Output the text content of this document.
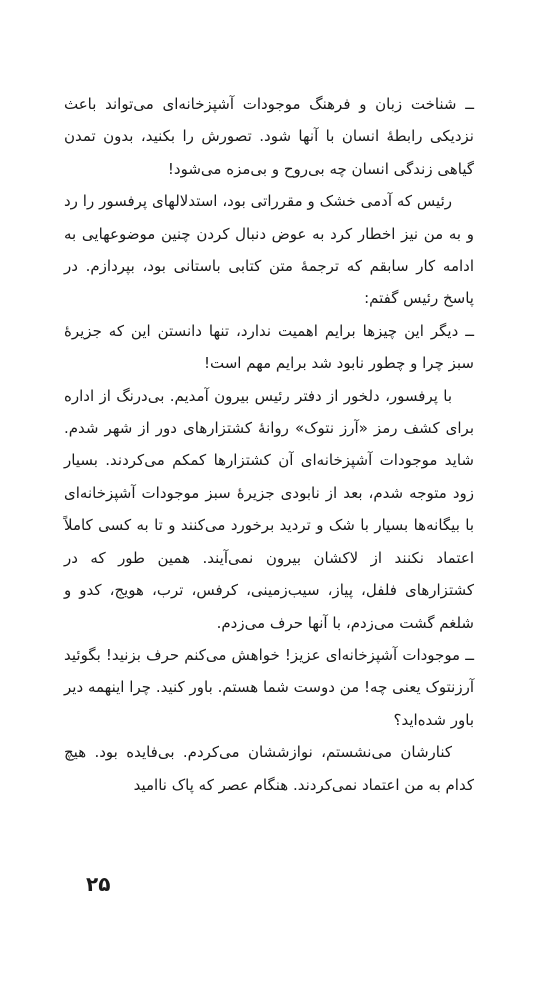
ــ شناخت زبان و فرهنگ موجودات آشپزخانه‌ای می‌تواند باعث نزدیکی رابطهٔ انسان با آنها شود. تصورش را بکنید، بدون تمدن گیاهی زندگی انسان چه بی‌روح و بی‌مزه می‌شود!

رئیس که آدمی خشک و مقرراتی بود، استدلالهای پرفسور را رد و به من نیز اخطار کرد به عوض دنبال کردن چنین موضوعهایی به ادامه کار سابقم که ترجمهٔ متن کتابی باستانی بود، بپردازم. در پاسخ رئیس گفتم:

ــ دیگر این چیزها برایم اهمیت ندارد، تنها دانستن این که جزیرهٔ سبز چرا و چطور نابود شد برایم مهم است!

با پرفسور، دلخور از دفتر رئیس بیرون آمدیم. بی‌درنگ از اداره برای کشف رمز «آرز نتوک» روانهٔ کشتزارهای دور از شهر شدم. شاید موجودات آشپزخانه‌ای آن کشتزارها کمکم می‌کردند. بسیار زود متوجه شدم، بعد از نابودی جزیرهٔ سبز موجودات آشپزخانه‌ای با بیگانه‌ها بسیار با شک و تردید برخورد می‌کنند و تا به کسی کاملاً اعتماد نکنند از لاکشان بیرون نمی‌آیند. همین طور که در کشتزارهای فلفل، پیاز، سیب‌زمینی، کرفس، ترب، هویج، کدو و شلغم گشت می‌زدم، با آنها حرف می‌زدم.

ــ موجودات آشپزخانه‌ای عزیز! خواهش می‌کنم حرف بزنید! بگوئید آرزنتوک یعنی چه! من دوست شما هستم. باور کنید. چرا اینهمه دیر باور شده‌اید؟

کنارشان می‌نشستم، نوازششان می‌کردم. بی‌فایده بود. هیچ کدام به من اعتماد نمی‌کردند. هنگام عصر که پاک ناامید

۲۵
